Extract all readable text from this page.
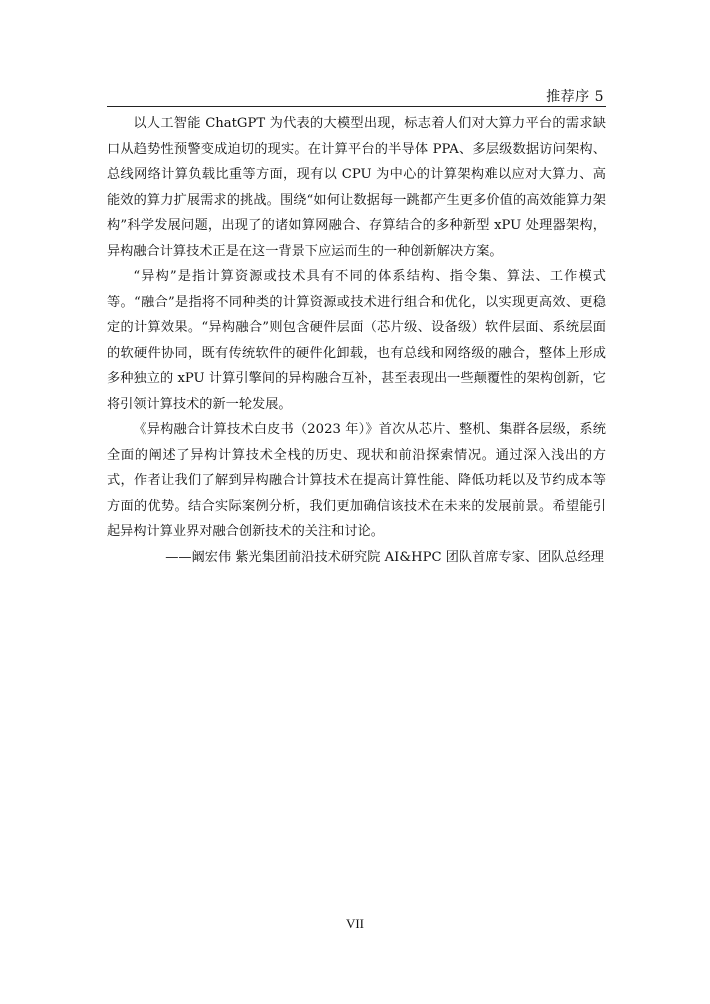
推荐序 5

以人工智能 ChatGPT 为代表的大模型出现，标志着人们对大算力平台的需求缺口从趋势性预警变成迫切的现实。在计算平台的半导体 PPA、多层级数据访问架构、总线网络计算负载比重等方面，现有以 CPU 为中心的计算架构难以应对大算力、高能效的算力扩展需求的挑战。围绕“如何让数据每一跳都产生更多价值的高效能算力架构”科学发展问题，出现了的诸如算网融合、存算结合的多种新型 xPU 处理器架构，异构融合计算技术正是在这一背景下应运而生的一种创新解决方案。

“异构”是指计算资源或技术具有不同的体系结构、指令集、算法、工作模式等。“融合”是指将不同种类的计算资源或技术进行组合和优化，以实现更高效、更稳定的计算效果。“异构融合”则包含硬件层面（芯片级、设备级）软件层面、系统层面的软硬件协同，既有传统软件的硬件化卸载，也有总线和网络级的融合，整体上形成多种独立的 xPU 计算引擎间的异构融合互补，甚至表现出一些颠覆性的架构创新，它将引领计算技术的新一轮发展。

《异构融合计算技术白皮书（2023 年）》首次从芯片、整机、集群各层级，系统全面的阐述了异构计算技术全栈的历史、现状和前沿探索情况。通过深入浅出的方式，作者让我们了解到异构融合计算技术在提高计算性能、降低功耗以及节约成本等方面的优势。结合实际案例分析，我们更加确信该技术在未来的发展前景。希望能引起异构计算业界对融合创新技术的关注和讨论。

——阚宏伟 紫光集团前沿技术研究院 AI&HPC 团队首席专家、团队总经理

VII
